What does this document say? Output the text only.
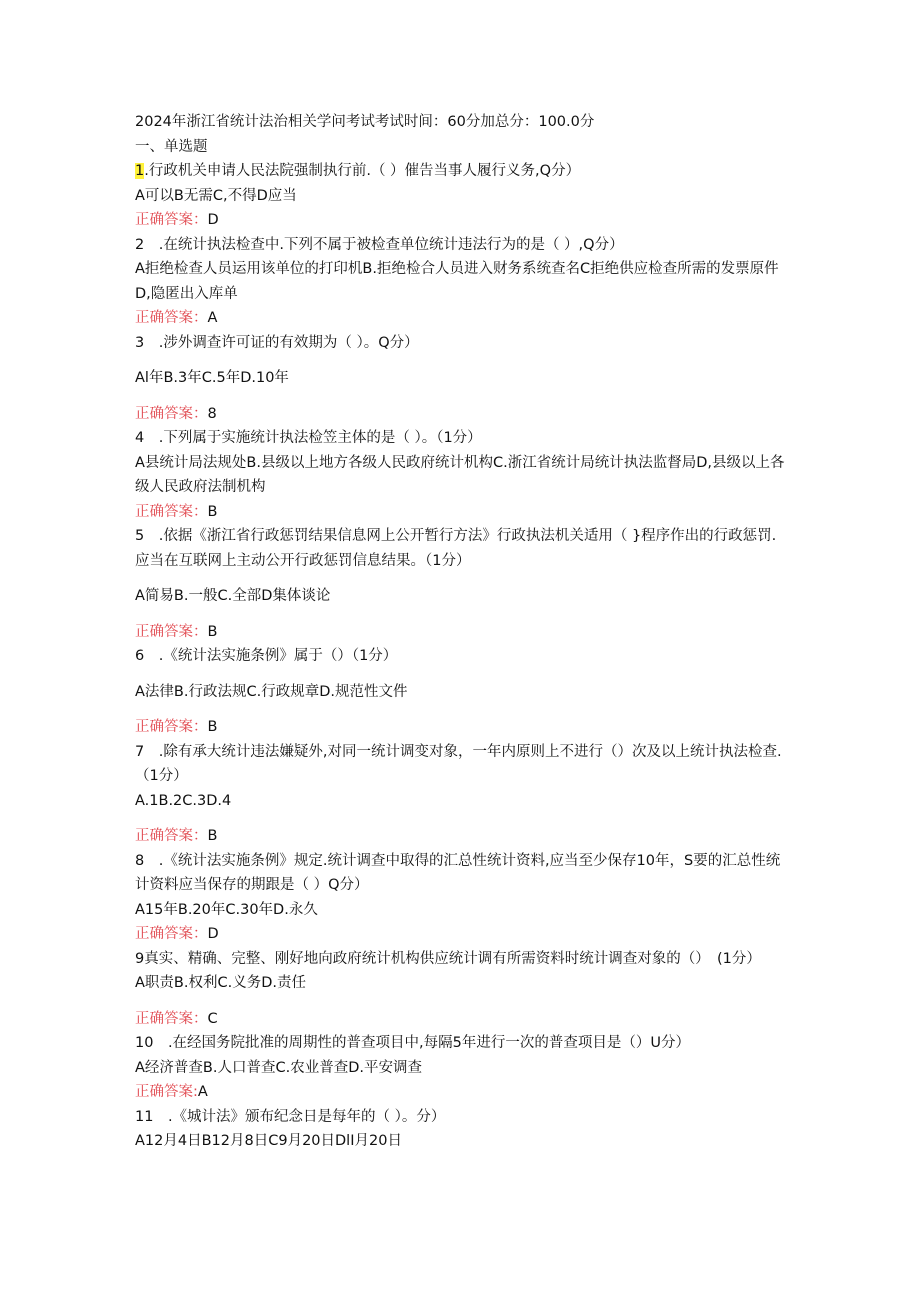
2024年浙江省统计法治相关学问考试考试时间：60分加总分：100.0分
一、单选题
1.行政机关申请人民法院强制执行前.（ ）催告当事人履行义务,Q分）
A可以B无需C,不得D应当
正确答案：D
2　.在统计执法检查中.下列不属于被检查单位统计违法行为的是（ ）,Q分）
A拒绝检查人员运用该单位的打印机B.拒绝检合人员进入财务系统查名C拒绝供应检查所需的发票原件D,隐匿出入库单
正确答案：A
3　.涉外调查许可证的有效期为（ ）。Q分）
Al年B.3年C.5年D.10年
正确答案：8
4　.下列属于实施统计执法检笠主体的是（ ）。（1分）
A县统计局法规处B.县级以上地方各级人民政府统计机构C.浙江省统计局统计执法监督局D,县级以上各级人民政府法制机构
正确答案：B
5　.依据《浙江省行政惩罚结果信息网上公开暂行方法》行政执法机关适用（ }程序作出的行政惩罚.应当在互联网上主动公开行政惩罚信息结果。（1分）
A简易B.一般C.全部D集体谈论
正确答案：B
6　.《统计法实施条例》属于（）（1分）
A法律B.行政法规C.行政规章D.规范性文件
正确答案：B
7　.除有承大统计违法嫌疑外,对同一统计调变对象，一年内原则上不进行（）次及以上统计执法检查.（1分）
A.1B.2C.3D.4
正确答案：B
8　.《统计法实施条例》规定.统计调查中取得的汇总性统计资料,应当至少保存10年，S要的汇总性统计资料应当保存的期跟是（ ）Q分）
A15年B.20年C.30年D.永久
正确答案：D
9真实、精确、完整、刚好地向政府统计机构供应统计调有所需资料时统计调查对象的（）　(1分）
A职责B.权利C.义务D.责任
正确答案：C
10　.在经国务院批准的周期性的普查项目中,每隔5年进行一次的普查项目是（）U分）
A经济普查B.人口普查C.农业普查D.平安调查
正确答案:A
11　.《城计法》颁布纪念日是每年的（ ）。分）
A12月4日B12月8日C9月20日DlI月20日
